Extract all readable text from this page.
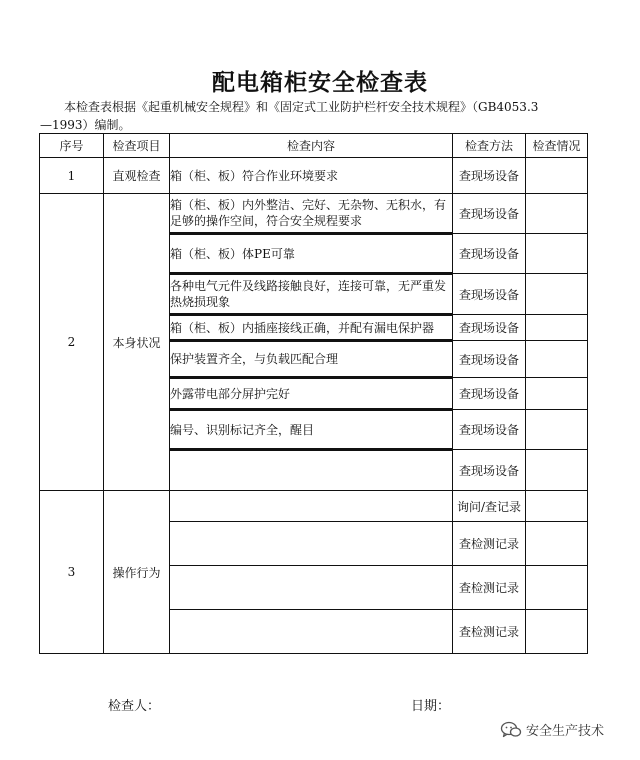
配电箱柜安全检查表
本检查表根据《起重机械安全规程》和《固定式工业防护栏杆安全技术规程》（GB4053.3
—1993）编制。
序号	检查项目	检查内容	检查方法	检查情况
1	直观检查	箱（柜、板）符合作业环境要求	查现场设备	
2	本身状况	箱（柜、板）内外整洁、完好、无杂物、无积水，有足够的操作空间，符合安全规程要求	查现场设备	
		箱（柜、板）体PE可靠	查现场设备	
		各种电气元件及线路接触良好，连接可靠，无严重发热烧损现象	查现场设备	
		箱（柜、板）内插座接线正确，并配有漏电保护器	查现场设备	
		保护装置齐全，与负载匹配合理	查现场设备	
		外露带电部分屏护完好	查现场设备	
		编号、识别标记齐全，醒目	查现场设备	
			查现场设备	
3	操作行为		询问/查记录	
			查检测记录	
			查检测记录	
			查检测记录	
检查人：	日期：
安全生产技术
